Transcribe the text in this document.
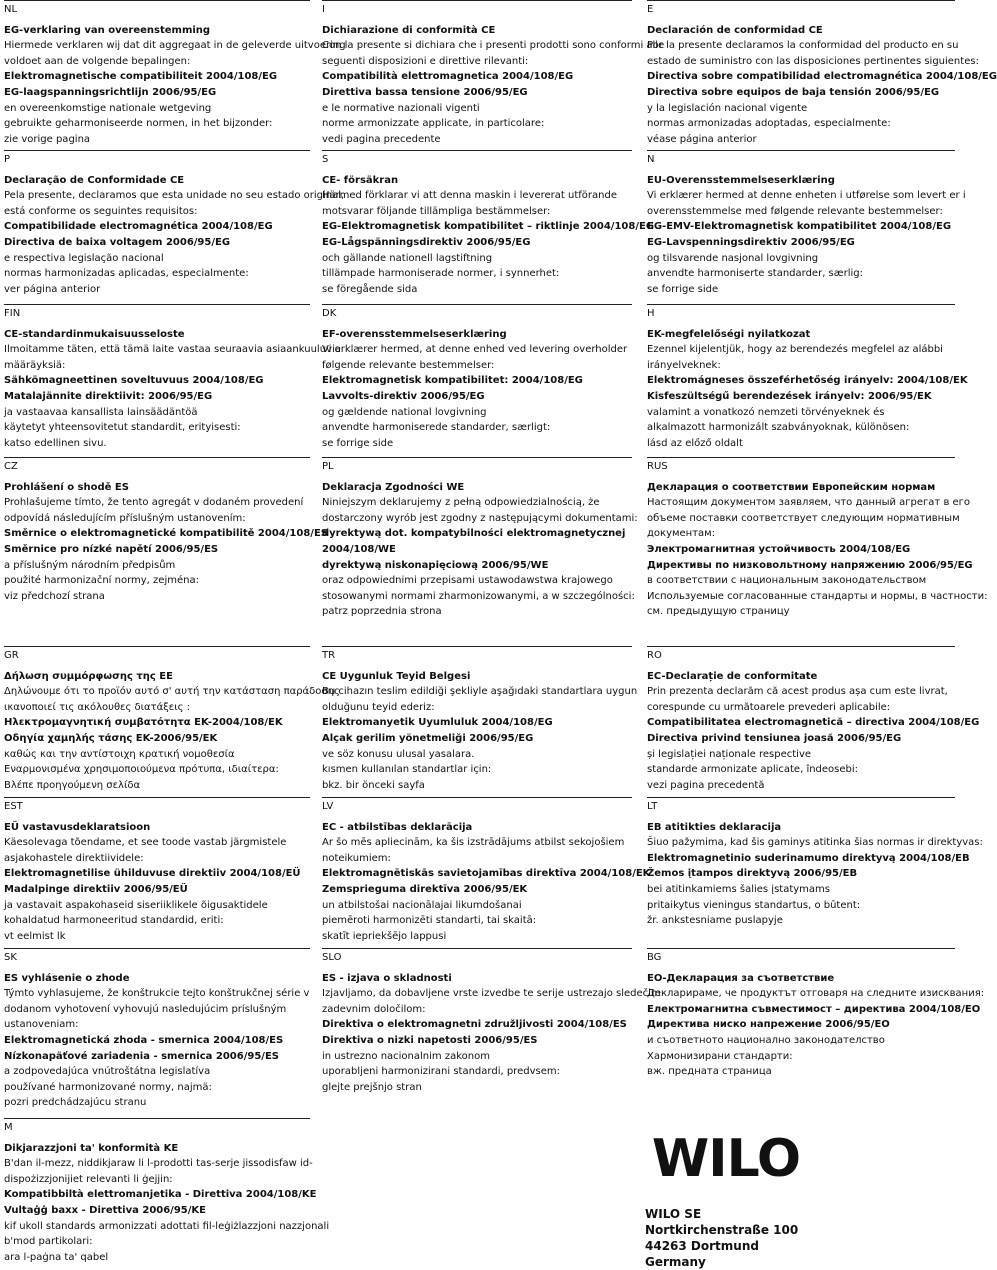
NL

EG-verklaring van overeenstemming

Hiermede verklaren wij dat dit aggregaat in de geleverde uitvoering

voldoet aan de volgende bepalingen:

Elektromagnetische compatibiliteit 2004/108/EG

EG-laagspanningsrichtlijn 2006/95/EG

en overeenkomstige nationale wetgeving

gebruikte geharmoniseerde normen, in het bijzonder:

zie vorige pagina

P

Declaração de Conformidade CE

Pela presente, declaramos que esta unidade no seu estado original,

está conforme os seguintes requisitos:

Compatibilidade electromagnética 2004/108/EG

Directiva de baixa voltagem 2006/95/EG

e respectiva legislação nacional

normas harmonizadas aplicadas, especialmente:

ver página anterior

FIN

CE-standardinmukaisuusseloste

Ilmoitamme täten, että tämä laite vastaa seuraavia asiaankuuluvia

määräyksiä:

Sähkömagneettinen soveltuvuus 2004/108/EG

Matalajännite direktiivit: 2006/95/EG

ja vastaavaa kansallista lainsäädäntöä

käytetyt yhteensovitetut standardit, erityisesti:

katso edellinen sivu.

CZ

Prohlášení o shodě ES

Prohlašujeme tímto, že tento agregát v dodaném provedení

odpovídá následujícím příslušným ustanovením:

Směrnice o elektromagnetické kompatibilitě 2004/108/ES

Směrnice pro nízké napětí 2006/95/ES

a příslušným národním předpisům

použité harmonizační normy, zejména:

viz předchozí strana

GR

Δήλωση συμμόρφωσης της ΕΕ

Δηλώνουμε ότι το προϊόν αυτό σ' αυτή την κατάσταση παράδοσης

ικανοποιεί τις ακόλουθες διατάξεις :

Ηλεκτρομαγνητική συμβατότητα EK-2004/108/EK

Οδηγία χαμηλής τάσης EK-2006/95/EK

καθώς και την αντίστοιχη κρατική νομοθεσία

Εναρμονισμένα χρησιμοποιούμενα πρότυπα, ιδιαίτερα:

Βλέπε προηγούμενη σελίδα

EST

EÜ vastavusdeklaratsioon

Käesolevaga tõendame, et see toode vastab järgmistele

asjakohastele direktiividele:

Elektromagnetilise ühilduvuse direktiiv 2004/108/EÜ

Madalpinge direktiiv 2006/95/EÜ

ja vastavait aspakohaseid siseriiklikele õigusaktidele

kohaldatud harmoneeritud standardid, eriti:

vt eelmist lk

SK

ES vyhlásenie o zhode

Týmto vyhlasujeme, že konštrukcie tejto konštrukčnej série v

dodanom vyhotovení vyhovujú nasledujúcim príslušným

ustanoveniam:

Elektromagnetická zhoda - smernica 2004/108/ES

Nízkonapäťové zariadenia - smernica 2006/95/ES

a zodpovedajúca vnútroštátna legislatíva

používané harmonizované normy, najmä:

pozri predchádzajúcu stranu

M

Dikjarazzjoni ta' konformità KE

B'dan il-mezz, niddikjaraw li l-prodotti tas-serje jissodisfaw id-

dispożizzjonijiet relevanti li ġejjin:

Kompatibbiltà elettromanjetika - Direttiva 2004/108/KE

Vultaġġ baxx - Direttiva 2006/95/KE

kif ukoll standards armonizzati adottati fil-leġiżlazzjoni nazzjonali

b'mod partikolari:

ara l-paġna ta' qabel

I

Dichiarazione di conformità CE

Con la presente si dichiara che i presenti prodotti sono conformi alle

seguenti disposizioni e direttive rilevanti:

Compatibilità elettromagnetica 2004/108/EG

Direttiva bassa tensione 2006/95/EG

e le normative nazionali vigenti

norme armonizzate applicate, in particolare:

vedi pagina precedente

S

CE- försäkran

Härmed förklarar vi att denna maskin i levererat utförande

motsvarar följande tillämpliga bestämmelser:

EG-Elektromagnetisk kompatibilitet – riktlinje 2004/108/EG

EG-Lågspänningsdirektiv 2006/95/EG

och gällande nationell lagstiftning

tillämpade harmoniserade normer, i synnerhet:

se föregående sida

DK

EF-overensstemmelseserklæring

Vi erklærer hermed, at denne enhed ved levering overholder

følgende relevante bestemmelser:

Elektromagnetisk kompatibilitet: 2004/108/EG

Lavvolts-direktiv 2006/95/EG

og gældende national lovgivning

anvendte harmoniserede standarder, særligt:

se forrige side

PL

Deklaracja Zgodności WE

Niniejszym deklarujemy z pełną odpowiedzialnością, że

dostarczony wyrób jest zgodny z następującymi dokumentami:

dyrektywą dot. kompatybilności elektromagnetycznej

2004/108/WE

dyrektywą niskonapięciową 2006/95/WE

oraz odpowiednimi przepisami ustawodawstwa krajowego

stosowanymi normami zharmonizowanymi, a w szczególności:

patrz poprzednia strona

TR

CE Uygunluk Teyid Belgesi

Bu cihazın teslim edildiği şekliyle aşağıdaki standartlara uygun

olduğunu teyid ederiz:

Elektromanyetik Uyumluluk 2004/108/EG

Alçak gerilim yönetmeliği 2006/95/EG

ve söz konusu ulusal yasalara.

kısmen kullanılan standartlar için:

bkz. bir önceki sayfa

LV

EC - atbilstības deklarācija

Ar šo mēs apliecinām, ka šis izstrādājums atbilst sekojošiem

noteikumiem:

Elektromagnētiskās savietojamības direktīva 2004/108/EK

Zemsprieguma direktīva 2006/95/EK

un atbilstošai nacionālajai likumdošanai

piemēroti harmonizēti standarti, tai skaitā:

skatīt iepriekšējo lappusi

SLO

ES - izjava o skladnosti

Izjavljamo, da dobavljene vrste izvedbe te serije ustrezajo sledečim

zadevnim določilom:

Direktiva o elektromagnetni združljivosti 2004/108/ES

Direktiva o nizki napetosti 2006/95/ES

in ustrezno nacionalnim zakonom

uporabljeni harmonizirani standardi, predvsem:

glejte prejšnjo stran

E

Declaración de conformidad CE

Por la presente declaramos la conformidad del producto en su

estado de suministro con las disposiciones pertinentes siguientes:

Directiva sobre compatibilidad electromagnética 2004/108/EG

Directiva sobre equipos de baja tensión 2006/95/EG

y la legislación nacional vigente

normas armonizadas adoptadas, especialmente:

véase página anterior

N

EU-Overensstemmelseserklæring

Vi erklærer hermed at denne enheten i utførelse som levert er i

overensstemmelse med følgende relevante bestemmelser:

EG-EMV-Elektromagnetisk kompatibilitet 2004/108/EG

EG-Lavspenningsdirektiv 2006/95/EG

og tilsvarende nasjonal lovgivning

anvendte harmoniserte standarder, særlig:

se forrige side

H

EK-megfelelőségi nyilatkozat

Ezennel kijelentjük, hogy az berendezés megfelel az alábbi

irányelveknek:

Elektromágneses összeférhetőség irányelv: 2004/108/EK

Kisfeszültségű berendezések irányelv: 2006/95/EK

valamint a vonatkozó nemzeti törvényeknek és

alkalmazott harmonizált szabványoknak, különösen:

lásd az előző oldalt

RUS

Декларация о соответствии Европейским нормам

Настоящим документом заявляем, что данный агрегат в его

объеме поставки соответствует следующим нормативным

документам:

Электромагнитная устойчивость 2004/108/EG

Директивы по низковольтному напряжению 2006/95/EG

в соответствии с национальным законодательством

Используемые согласованные стандарты и нормы, в частности:

см. предыдущую страницу

RO

EC-Declarație de conformitate

Prin prezenta declarăm că acest produs așa cum este livrat,

corespunde cu următoarele prevederi aplicabile:

Compatibilitatea electromagnetică – directiva 2004/108/EG

Directiva privind tensiunea joasă 2006/95/EG

și legislației naționale respective

standarde armonizate aplicate, îndeosebi:

vezi pagina precedentă

LT

EB atitikties deklaracija

Šiuo pažymima, kad šis gaminys atitinka šias normas ir direktyvas:

Elektromagnetinio suderinamumo direktyvą 2004/108/EB

Žemos įtampos direktyvą 2006/95/EB

bei atitinkamiems šalies įstatymams

pritaikytus vieningus standartus, o būtent:

žr. ankstesniame puslapyje

BG

ЕО-Декларация за съответствие

Декларираме, че продуктът отговаря на следните изисквания:

Електромагнитна съвместимост – директива 2004/108/ЕО

Директива ниско напрежение 2006/95/ЕО

и съответното национално законодателство

Хармонизирани стандарти:

вж. предната страница

WILO

WILO SE

Nortkirchenstraße 100

44263 Dortmund

Germany
